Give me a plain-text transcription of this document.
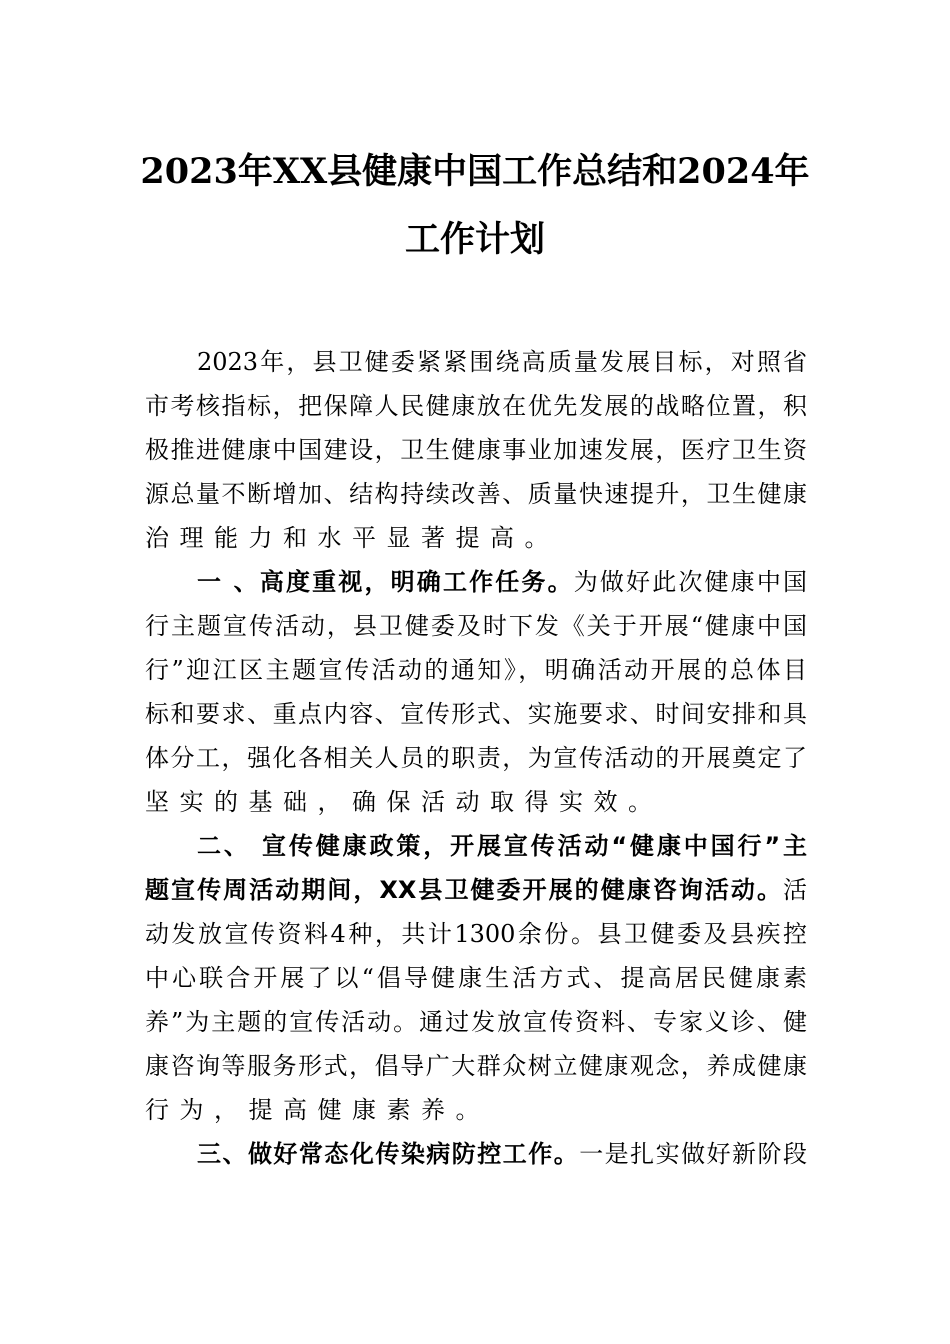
2023年XX县健康中国工作总结和2024年
工作计划
2023年，县卫健委紧紧围绕高质量发展目标，对照省
市考核指标，把保障人民健康放在优先发展的战略位置，积
极推进健康中国建设，卫生健康事业加速发展，医疗卫生资
源总量不断增加、结构持续改善、质量快速提升，卫生健康
治理能力和水平显著提高。
一 、高度重视，明确工作任务。为做好此次健康中国
行主题宣传活动，县卫健委及时下发《关于开展“健康中国
行”迎江区主题宣传活动的通知》，明确活动开展的总体目
标和要求、重点内容、宣传形式、实施要求、时间安排和具
体分工，强化各相关人员的职责，为宣传活动的开展奠定了
坚实的基础，确保活动取得实效。
二、 宣传健康政策，开展宣传活动“健康中国行”主
题宣传周活动期间，XX县卫健委开展的健康咨询活动。活
动发放宣传资料4种，共计1300余份。县卫健委及县疾控
中心联合开展了以“倡导健康生活方式、提高居民健康素
养”为主题的宣传活动。通过发放宣传资料、专家义诊、健
康咨询等服务形式，倡导广大群众树立健康观念，养成健康
行为，提高健康素养。
三、做好常态化传染病防控工作。一是扎实做好新阶段
